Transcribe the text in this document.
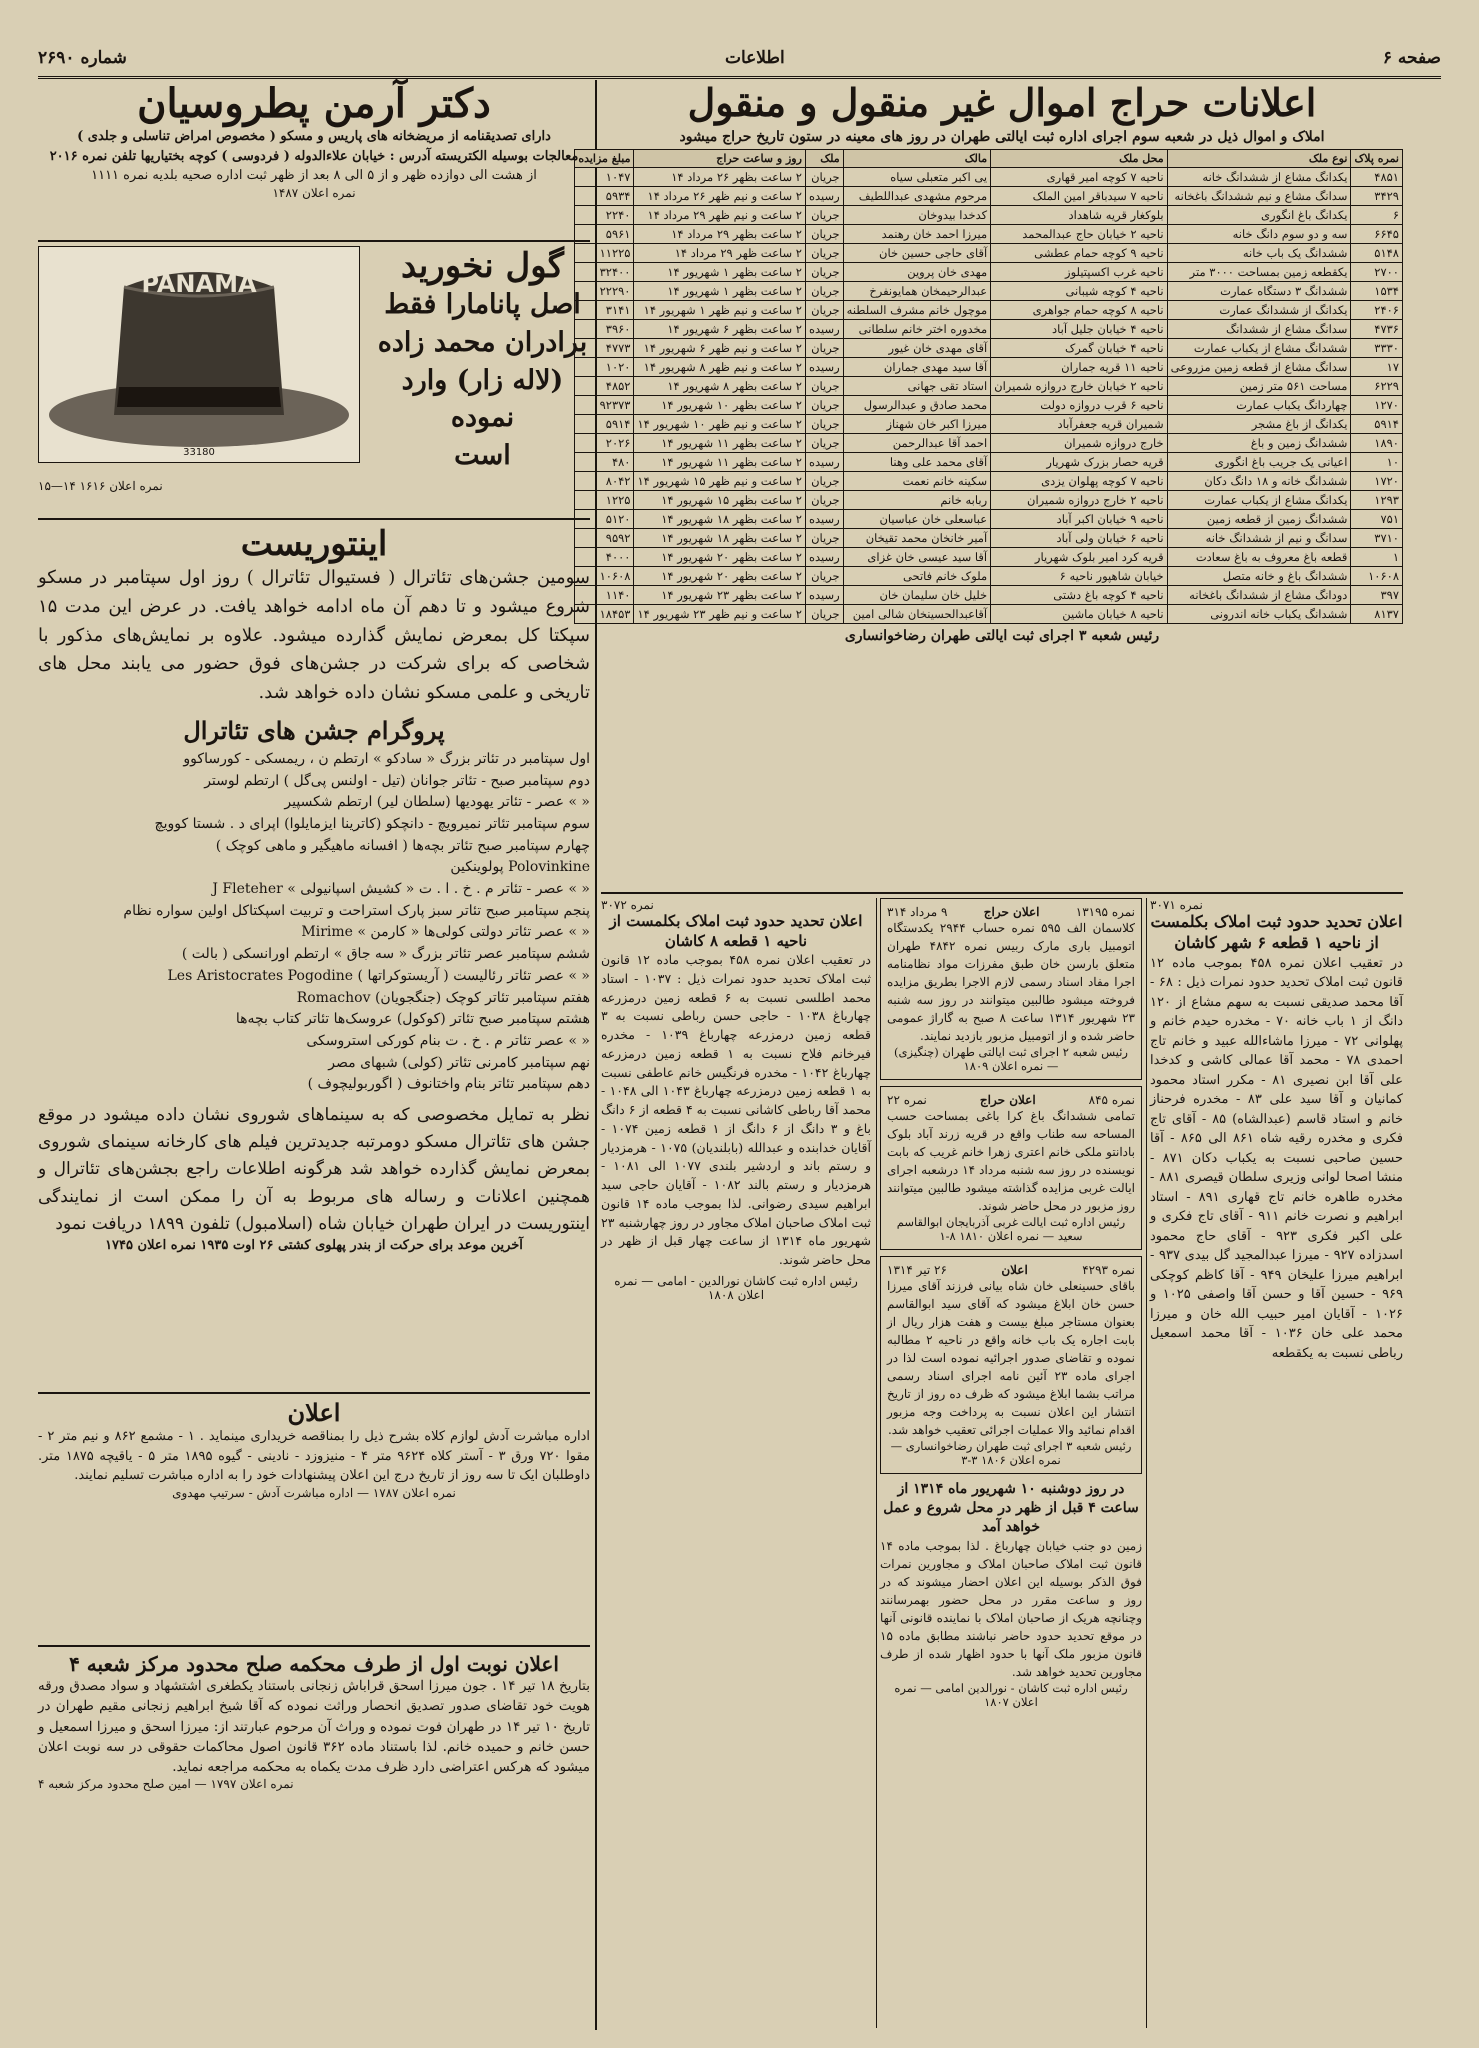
صفحه ۶
اطلاعات
شماره ۲۶۹۰
اعلانات حراج اموال غیر منقول و منقول
املاک و اموال ذیل در شعبه سوم اجرای اداره ثبت ایالتی طهران در روز های معینه در ستون تاریخ حراج میشود
نمره پلاک	نوع ملک	محل ملک	مالک	ملک	روز و ساعت حراج	مبلغ مزایده
۴۸۵۱	یکدانگ مشاع از ششدانگ خانه	ناحیه ۷ کوچه امیر قهاری	یی اکبر متعبلی سیاه	جریان	۲ ساعت بظهر ۲۶ مرداد ۱۴	۱۰۴۷
۳۴۲۹	سدانگ مشاع و نیم ششدانگ باغخانه	ناحیه ۷ سیدباقر امین الملک	مرحوم مشهدی عبداللطیف	رسیده	۲ ساعت و نیم ظهر ۲۶ مرداد ۱۴	۵۹۳۴
۶	یکدانگ باغ انگوری	بلوکغار قریه شاهداد	کدخدا بیدوخان	جریان	۲ ساعت و نیم ظهر ۲۹ مرداد ۱۴	۲۲۴۰
۶۶۴۵	سه و دو سوم دانگ خانه	ناحیه ۲ خیابان حاج عبدالمحمد	میرزا احمد خان رهنمد	جریان	۲ ساعت بظهر ۲۹ مرداد ۱۴	۵۹۶۱
۵۱۴۸	ششدانگ یک باب خانه	ناحیه ۹ کوچه حمام عطشی	آقای حاجی حسین خان	جریان	۲ ساعت ظهر ۲۹ مرداد ۱۴	۱۱۲۲۵
۲۷۰۰	یکقطعه زمین بمساحت ۳۰۰۰ متر	ناحیه غرب اکسپتیلوز	مهدی خان پروین	جریان	۲ ساعت بظهر ۱ شهریور ۱۴	۳۲۴۰۰
۱۵۳۴	ششدانگ ۳ دستگاه عمارت	ناحیه ۴ کوچه شیبانی	عبدالرحیمخان همایونفرخ	جریان	۲ ساعت بظهر ۱ شهریور ۱۴	۲۲۲۹۰
۲۴۰۶	یکدانگ از ششدانگ عمارت	ناحیه ۸ کوچه حمام جواهری	موچول خانم مشرف السلطنه	جریان	۲ ساعت و نیم ظهر ۱ شهریور ۱۴	۳۱۴۱
۴۷۳۶	سدانگ مشاع از ششدانگ	ناحیه ۴ خیابان جلیل آباد	مخدوره اختر خانم سلطانی	رسیده	۲ ساعت بظهر ۶ شهریور ۱۴	۳۹۶۰
۳۳۳۰	ششدانگ مشاع از یکباب عمارت	ناحیه ۴ خیابان گمرک	آقای مهدی خان غیور	جریان	۲ ساعت و نیم ظهر ۶ شهریور ۱۴	۴۷۷۳
۱۷	سدانگ مشاع از قطعه زمین مزروعی	ناحیه ۱۱ قریه جماران	آقا سید مهدی جماران	رسیده	۲ ساعت و نیم ظهر ۸ شهریور ۱۴	۱۰۲۰
۶۲۲۹	مساحت ۵۶۱ متر زمین	ناحیه ۲ خیابان خارج دروازه شمیران	استاد تقی جهانی	جریان	۲ ساعت بظهر ۸ شهریور ۱۴	۴۸۵۲
۱۲۷۰	چهاردانگ یکباب عمارت	ناحیه ۶ قرب دروازه دولت	محمد صادق و عبدالرسول	جریان	۲ ساعت بظهر ۱۰ شهریور ۱۴	۹۲۳۷۳
۵۹۱۴	یکدانگ از باغ مشجر	شمیران قریه جعفرآباد	میرزا اکبر خان شهناز	جریان	۲ ساعت و نیم ظهر ۱۰ شهریور ۱۴	۵۹۱۴
۱۸۹۰	ششدانگ زمین و باغ	خارج دروازه شمیران	احمد آقا عبدالرحمن	جریان	۲ ساعت بظهر ۱۱ شهریور ۱۴	۲۰۲۶
۱۰	اعیانی یک جریب باغ انگوری	قریه حصار بزرک شهریار	آقای محمد علی وهنا	رسیده	۲ ساعت بظهر ۱۱ شهریور ۱۴	۴۸۰
۱۷۲۰	ششدانگ خانه و ۱۸ دانگ دکان	ناحیه ۷ کوچه پهلوان یزدی	سکینه خانم نعمت	جریان	۲ ساعت و نیم ظهر ۱۵ شهریور ۱۴	۸۰۴۲
۱۲۹۳	یکدانگ مشاع از یکباب عمارت	ناحیه ۲ خارج دروازه شمیران	ربابه خانم	جریان	۲ ساعت بظهر ۱۵ شهریور ۱۴	۱۲۲۵
۷۵۱	ششدانگ زمین از قطعه زمین	ناحیه ۹ خیابان اکبر آباد	عباسعلی خان عباسیان	رسیده	۲ ساعت بظهر ۱۸ شهریور ۱۴	۵۱۲۰
۳۷۱۰	سدانگ و نیم از ششدانگ خانه	ناحیه ۶ خیابان ولی آباد	آمیر خانخان محمد تقیخان	جریان	۲ ساعت بظهر ۱۸ شهریور ۱۴	۹۵۹۲
۱	قطعه باغ معروف به باغ سعادت	قریه کرد امیر بلوک شهریار	آقا سید عیسی خان غزای	رسیده	۲ ساعت بظهر ۲۰ شهریور ۱۴	۴۰۰۰
۱۰۶۰۸	ششدانگ باغ و خانه متصل	خیابان شاهپور ناحیه ۶	ملوک خانم فاتحی	جریان	۲ ساعت بظهر ۲۰ شهریور ۱۴	۱۰۶۰۸
۳۹۷	دودانگ مشاع از ششدانگ باغخانه	ناحیه ۴ کوچه باغ دشتی	خلیل خان سلیمان خان	رسیده	۲ ساعت بظهر ۲۳ شهریور ۱۴	۱۱۴۰
۸۱۳۷	ششدانگ یکباب خانه اندرونی	ناحیه ۸ خیابان ماشین	آقاعبدالحسینخان شالی امین	جریان	۲ ساعت و نیم ظهر ۲۳ شهریور ۱۴	۱۸۴۵۳
رئیس شعبه ۳ اجرای ثبت ایالتی طهران رضاخوانساری
نمره ۳۰۷۱
اعلان تحدید حدود ثبت املاک بکلمست از ناحیه ۱ قطعه ۶ شهر کاشان

در تعقیب اعلان نمره ۴۵۸ بموجب ماده ۱۲ قانون ثبت املاک تحدید حدود نمرات ذیل : ۶۸ - آقا محمد صدیقی نسبت به سهم مشاع از ۱۲۰ دانگ از ۱ باب خانه ۷۰ - مخدره حیدم خانم و پهلوانی ۷۲ - میرزا ماشاءالله عبید و خانم تاج احمدی ۷۸ - محمد آقا عمالی کاشی و کدخدا علی آقا ابن نصیری ۸۱ - مکرر استاد محمود کمانیان و آقا سید علی ۸۳ - مخدره فرحناز خانم و استاد قاسم (عبدالشاه) ۸۵ - آقای تاج فکری و مخدره رقیه شاه ۸۶۱ الی ۸۶۵ - آقا حسین صاحبی نسبت به یکباب دکان ۸۷۱ - منشا اصحا لوانی وزیری سلطان قیصری ۸۸۱ - مخدره طاهره خانم تاج قهاری ۸۹۱ - استاد ابراهیم و نصرت خانم ۹۱۱ - آقای تاج فکری و علی اکبر فکری ۹۲۳ - آقای حاج محمود اسدزاده ۹۲۷ - میرزا عبدالمجید گل بیدی ۹۳۷ - ابراهیم میرزا علیخان ۹۴۹ - آقا کاظم کوچکی ۹۶۹ - حسین آقا و حسن آقا واصفی ۱۰۲۵ و ۱۰۲۶ - آقایان امیر حبیب الله خان و میرزا محمد علی خان ۱۰۳۶ - آقا محمد اسمعیل رباطی نسبت به یکقطعه

نمره ۱۳۱۹۵
اعلان حراج
۹ مرداد ۳۱۴

کلاسمان الف ۵۹۵ نمره حساب ۲۹۴۴ یکدستگاه اتومبیل باری مارک ربیس نمره ۴۸۴۲ طهران متعلق بارسن خان طبق مفرزات مواد نظامنامه اجرا مفاد اسناد رسمی لازم الاجرا بطریق مزایده فروخته میشود طالبین میتوانند در روز سه شنبه ۲۳ شهریور ۱۳۱۴ ساعت ۸ صبح به گاراژ عمومی حاضر شده و از اتومبیل مزبور بازدید نمایند.

رئیس شعبه ۲ اجرای ثبت ایالتی طهران (چنگیزی) — نمره اعلان ۱۸۰۹
نمره ۸۴۵
اعلان حراج
نمره ۲۲

تمامی ششدانگ باغ کرا باغی بمساحت حسب المساحه سه طناب واقع در قریه زرند آباد بلوک بادانتو ملکی خانم اعتری زهرا خانم غریب که بابت نویسنده در روز سه شنبه مرداد ۱۴ درشعبه اجرای ایالت غربی مزایده گذاشته میشود طالبین میتوانند روز مزبور در محل حاضر شوند.

رئیس اداره ثبت ایالت غربی آذربایجان ابوالقاسم سعید — نمره اعلان ۱۸۱۰ ۸-۱
نمره ۴۲۹۳
اعلان
۲۶ تیر ۱۳۱۴

باقای حسینعلی خان شاه بیانی فرزند آقای میرزا حسن خان ابلاغ میشود که آقای سید ابوالقاسم بعنوان مستاجر مبلغ بیست و هفت هزار ریال از بابت اجاره یک باب خانه واقع در ناحیه ۲ مطالبه نموده و تقاضای صدور اجرائیه نموده است لذا در اجرای ماده ۲۳ آئین نامه اجرای اسناد رسمی مراتب بشما ابلاغ میشود که ظرف ده روز از تاریخ انتشار این اعلان نسبت به پرداخت وجه مزبور اقدام نمائید والا عملیات اجرائی تعقیب خواهد شد.

رئیس شعبه ۳ اجرای ثبت طهران رضاخوانساری — نمره اعلان ۱۸۰۶ ۳-۳
در روز دوشنبه ۱۰ شهریور ماه ۱۳۱۴ از ساعت ۴ قبل از ظهر در محل شروع و عمل خواهد آمد

زمین دو جنب خیابان چهارباغ . لذا بموجب ماده ۱۴ قانون ثبت املاک صاحبان املاک و مجاورین نمرات فوق الذکر بوسیله این اعلان احضار میشوند که در روز و ساعت مقرر در محل حضور بهمرسانند وچنانچه هریک از صاحبان املاک با نماینده قانونی آنها در موقع تحدید حدود حاضر نباشند مطابق ماده ۱۵ قانون مزبور ملک آنها با حدود اظهار شده از طرف مجاورین تحدید خواهد شد.

رئیس اداره ثبت کاشان - نورالدین امامی — نمره اعلان ۱۸۰۷
نمره ۳۰۷۲
اعلان تحدید حدود ثبت املاک بکلمست از ناحیه ۱ قطعه ۸ کاشان

در تعقیب اعلان نمره ۴۵۸ بموجب ماده ۱۲ قانون ثبت املاک تحدید حدود نمرات ذیل : ۱۰۳۷ - استاد محمد اطلسی نسبت به ۶ قطعه زمین درمزرعه چهارباغ ۱۰۳۸ - حاجی حسن رباطی نسبت به ۳ قطعه زمین درمزرعه چهارباغ ۱۰۳۹ - مخدره فیرخانم فلاح نسبت به ۱ قطعه زمین درمزرعه چهارباغ ۱۰۴۲ - مخدره فرنگیس خانم عاطفی نسبت به ۱ قطعه زمین درمزرعه چهارباغ ۱۰۴۳ الی ۱۰۴۸ - محمد آقا رباطی کاشانی نسبت به ۴ قطعه از ۶ دانگ باغ و ۳ دانگ از ۶ دانگ از ۱ قطعه زمین ۱۰۷۴ - آقایان خدابنده و عبدالله (بابلندیان) ۱۰۷۵ - هرمزدیار و رستم باند و اردشیر بلندی ۱۰۷۷ الی ۱۰۸۱ - هرمزدیار و رستم بالند ۱۰۸۲ - آقایان حاجی سید ابراهیم سیدی رضوانی. لذا بموجب ماده ۱۴ قانون ثبت املاک صاحبان املاک مجاور در روز چهارشنبه ۲۳ شهریور ماه ۱۳۱۴ از ساعت چهار قبل از ظهر در محل حاضر شوند.

رئیس اداره ثبت کاشان نورالدین - امامی — نمره اعلان ۱۸۰۸
دکتر آرمن پطروسیان
دارای تصدیقنامه از مریضخانه های پاریس و مسکو ( مخصوص امراض تناسلی و جلدی )
معالجات بوسیله الکتریسته آدرس : خیابان علاءالدوله ( فردوسی ) کوچه بختیاریها تلفن نمره ۲۰۱۶
از هشت الی دوازده ظهر و از ۵ الی ۸ بعد از ظهر ثبت اداره صحیه بلدیه نمره ۱۱۱۱
نمره اعلان ۱۴۸۷
گول نخورید
اصل پانامارا فقط
برادران محمد زاده
(لاله زار) وارد نموده
است
PANAMA
33180
نمره اعلان ۱۶۱۶ ۱۴—۱۵
اینتوریست

سومین جشن‌های تئاترال ( فستیوال تئاترال ) روز اول سپتامبر در مسکو شروع میشود و تا دهم آن ماه ادامه خواهد یافت. در عرض این مدت ۱۵ سپکتا کل بمعرض نمایش گذارده میشود. علاوه بر نمایش‌های مذکور با شخاصی که برای شرکت در جشن‌های فوق حضور می یابند محل های تاریخی و علمی مسکو نشان داده خواهد شد.

پروگرام جشن های تئاترال

اول سپتامبر در تئاتر بزرگ « سادکو » ارتطم ن ، ریمسکی - کورساکوو

دوم سپتامبر صبح - تئاتر جوانان (تیل - اولنس پی‌گل ) ارتطم لوستر

« » عصر - تئاتر یهودیها (سلطان لیر) ارتطم شکسپیر

سوم سپتامبر تئاتر نمیرویچ - دانچکو (کاترینا ایزمایلوا) اپرای د . شستا کوویچ

چهارم سپتامبر صبح تئاتر بچه‌ها ( افسانه ماهیگیر و ماهی کوچک )

Polovinkine پولوینکین

« » عصر - تئاتر م . خ . ا . ت « کشیش اسپانیولی » J Fleteher

پنجم سپتامبر صبح تئاتر سبز پارک استراحت و تربیت اسپکتاکل اولین سواره نظام

« » عصر تئاتر دولتی کولی‌ها « کارمن » Mirime

ششم سپتامبر عصر تئاتر بزرگ « سه جاق » ارتطم اورانسکی ( بالت )

« » عصر تئاتر رئالیست ( آریستوکراتها ) Les Aristocrates Pogodine

هفتم سپتامبر تئاتر کوچک (جنگجویان) Romachov

هشتم سپتامبر صبح تئاتر (کوکول) عروسک‌ها تئاتر کتاب بچه‌ها

« » عصر تئاتر م . خ . ت بنام کورکی استروسکی

نهم سپتامبر کامرنی تئاتر (کولی) شبهای مصر

دهم سپتامبر تئاتر بنام واختانوف ( اگوربولیچوف )

نظر به تمایل مخصوصی که به سینماهای شوروی نشان داده میشود در موقع جشن های تئاترال مسکو دومرتبه جدیدترین فیلم های کارخانه سینمای شوروی بمعرض نمایش گذارده خواهد شد هرگونه اطلاعات راجع بجشن‌های تئاترال و همچنین اعلانات و رساله های مربوط به آن را ممکن است از نمایندگی اینتوریست در ایران طهران خیابان شاه (اسلامبول) تلفون ۱۸۹۹ دریافت نمود

آخرین موعد برای حرکت از بندر پهلوی کشتی ۲۶ اوت ۱۹۳۵ نمره اعلان ۱۷۴۵
اعلان

اداره مباشرت آدش لوازم کلاه بشرح ذیل را بمناقصه خریداری مینماید . ۱ - مشمع ۸۶۲ و نیم متر ۲ - مقوا ۷۲۰ ورق ۳ - آستر کلاه ۹۶۲۴ متر ۴ - منیزوزد - نادینی - گیوه ۱۸۹۵ متر ۵ - یاقیچه ۱۸۷۵ متر. داوطلبان ایک تا سه روز از تاریخ درج این اعلان پیشنهادات خود را به اداره مباشرت تسلیم نمایند.

نمره اعلان ۱۷۸۷ — اداره مباشرت آدش - سرتیپ مهدوی
اعلان نوبت اول از طرف محکمه صلح محدود مرکز شعبه ۴

بتاریخ ۱۸ تیر ۱۴ . جون میرزا اسحق قراباش زنجانی باستناد یکطغری اشتشهاد و سواد مصدق ورقه هویت خود تقاضای صدور تصدیق انحصار وراثت نموده که آقا شیخ ابراهیم زنجانی مقیم طهران در تاریخ ۱۰ تیر ۱۴ در طهران فوت نموده و وراث آن مرحوم عبارتند از: میرزا اسحق و میرزا اسمعیل و حسن خانم و حمیده خانم. لذا باستناد ماده ۳۶۲ قانون اصول محاکمات حقوقی در سه نوبت اعلان میشود که هرکس اعتراضی دارد ظرف مدت یکماه به محکمه مراجعه نماید.

نمره اعلان ۱۷۹۷ — امین صلح محدود مرکز شعبه ۴
